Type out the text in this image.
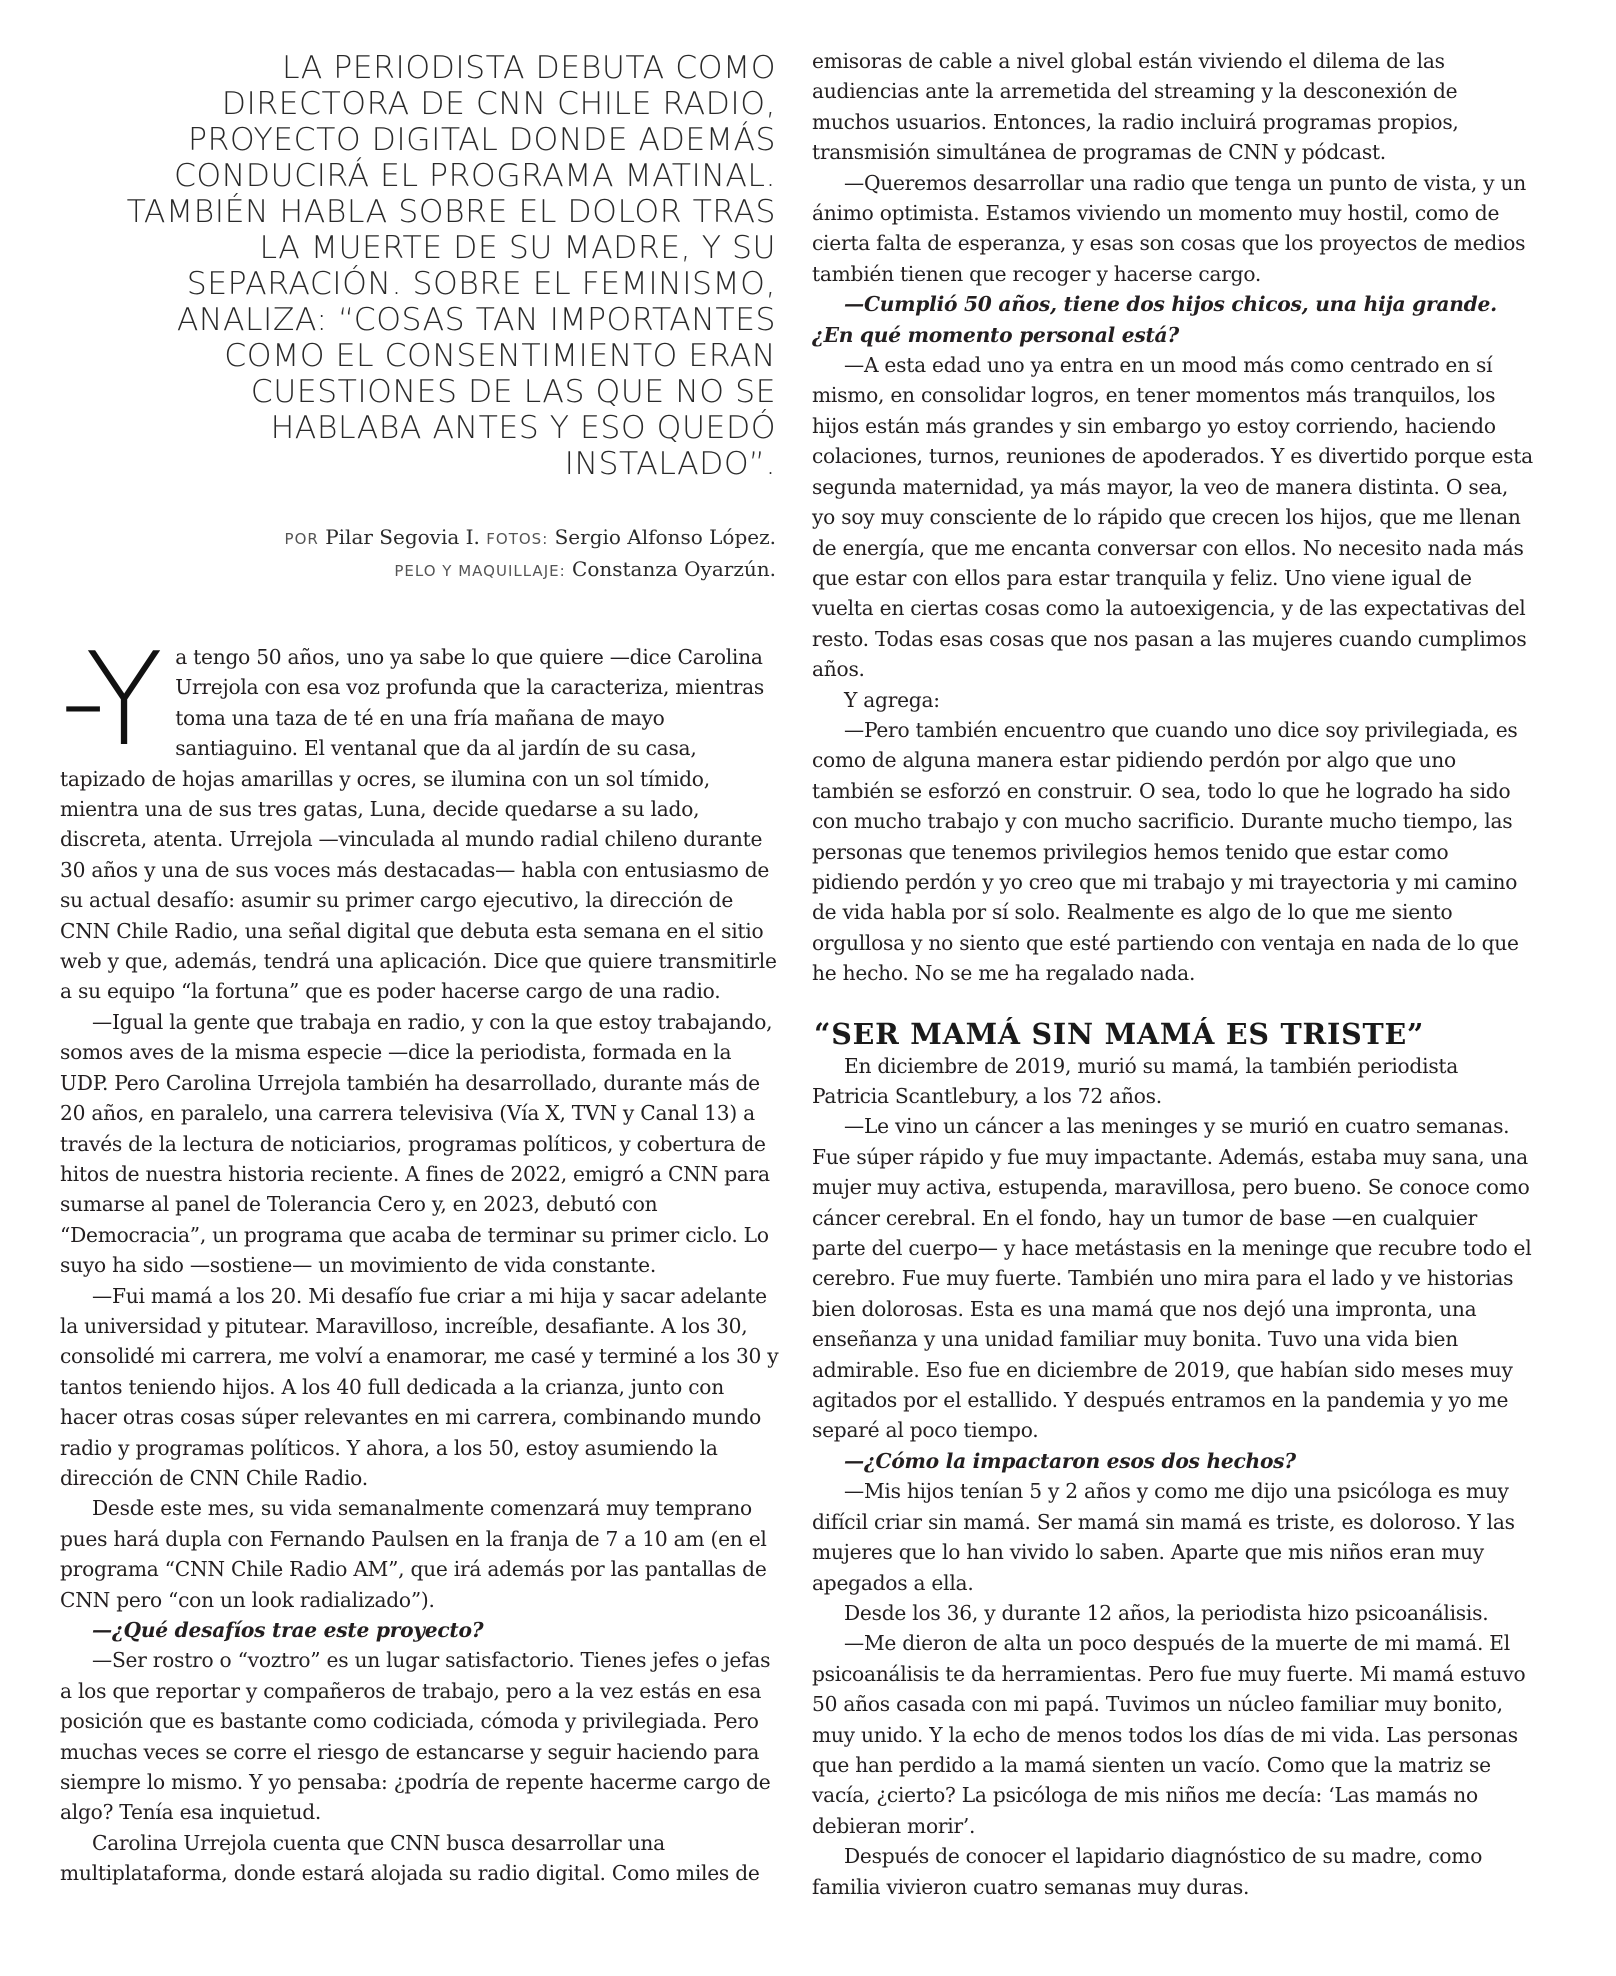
LA PERIODISTA DEBUTA COMO DIRECTORA DE CNN CHILE RADIO, PROYECTO DIGITAL DONDE ADEMÁS CONDUCIRÁ EL PROGRAMA MATINAL. TAMBIÉN HABLA SOBRE EL DOLOR TRAS LA MUERTE DE SU MADRE, Y SU SEPARACIÓN. SOBRE EL FEMINISMO, ANALIZA: “COSAS TAN IMPORTANTES COMO EL CONSENTIMIENTO ERAN CUESTIONES DE LAS QUE NO SE HABLABA ANTES Y ESO QUEDÓ INSTALADO”.
POR Pilar Segovia I. FOTOS: Sergio Alfonso López.
PELO Y MAQUILLAJE: Constanza Oyarzún.
-Y a tengo 50 años, uno ya sabe lo que quiere —dice Carolina Urrejola con esa voz profunda que la caracteriza, mientras toma una taza de té en una fría mañana de mayo santiaguino. El ventanal que da al jardín de su casa, tapizado de hojas amarillas y ocres, se ilumina con un sol tímido, mientra una de sus tres gatas, Luna, decide quedarse a su lado, discreta, atenta. Urrejola —vinculada al mundo radial chileno durante 30 años y una de sus voces más destacadas— habla con entusiasmo de su actual desafío: asumir su primer cargo ejecutivo, la dirección de CNN Chile Radio, una señal digital que debuta esta semana en el sitio web y que, además, tendrá una aplicación. Dice que quiere transmitirle a su equipo “la fortuna” que es poder hacerse cargo de una radio.

—Igual la gente que trabaja en radio, y con la que estoy trabajando, somos aves de la misma especie —dice la periodista, formada en la UDP. Pero Carolina Urrejola también ha desarrollado, durante más de 20 años, en paralelo, una carrera televisiva (Vía X, TVN y Canal 13) a través de la lectura de noticiarios, programas políticos, y cobertura de hitos de nuestra historia reciente. A fines de 2022, emigró a CNN para sumarse al panel de Tolerancia Cero y, en 2023, debutó con “Democracia”, un programa que acaba de terminar su primer ciclo. Lo suyo ha sido —sostiene— un movimiento de vida constante.

—Fui mamá a los 20. Mi desafío fue criar a mi hija y sacar adelante la universidad y pitutear. Maravilloso, increíble, desafiante. A los 30, consolidé mi carrera, me volví a enamorar, me casé y terminé a los 30 y tantos teniendo hijos. A los 40 full dedicada a la crianza, junto con hacer otras cosas súper relevantes en mi carrera, combinando mundo radio y programas políticos. Y ahora, a los 50, estoy asumiendo la dirección de CNN Chile Radio.

Desde este mes, su vida semanalmente comenzará muy temprano pues hará dupla con Fernando Paulsen en la franja de 7 a 10 am (en el programa “CNN Chile Radio AM”, que irá además por las pantallas de CNN pero “con un look radializado”).

—¿Qué desafíos trae este proyecto?

—Ser rostro o “voztro” es un lugar satisfactorio. Tienes jefes o jefas a los que reportar y compañeros de trabajo, pero a la vez estás en esa posición que es bastante como codiciada, cómoda y privilegiada. Pero muchas veces se corre el riesgo de estancarse y seguir haciendo para siempre lo mismo. Y yo pensaba: ¿podría de repente hacerme cargo de algo? Tenía esa inquietud.

Carolina Urrejola cuenta que CNN busca desarrollar una multiplataforma, donde estará alojada su radio digital. Como miles de

emisoras de cable a nivel global están viviendo el dilema de las audiencias ante la arremetida del streaming y la desconexión de muchos usuarios. Entonces, la radio incluirá programas propios, transmisión simultánea de programas de CNN y pódcast.

—Queremos desarrollar una radio que tenga un punto de vista, y un ánimo optimista. Estamos viviendo un momento muy hostil, como de cierta falta de esperanza, y esas son cosas que los proyectos de medios también tienen que recoger y hacerse cargo.

—Cumplió 50 años, tiene dos hijos chicos, una hija grande. ¿En qué momento personal está?

—A esta edad uno ya entra en un mood más como centrado en sí mismo, en consolidar logros, en tener momentos más tranquilos, los hijos están más grandes y sin embargo yo estoy corriendo, haciendo colaciones, turnos, reuniones de apoderados. Y es divertido porque esta segunda maternidad, ya más mayor, la veo de manera distinta. O sea, yo soy muy consciente de lo rápido que crecen los hijos, que me llenan de energía, que me encanta conversar con ellos. No necesito nada más que estar con ellos para estar tranquila y feliz. Uno viene igual de vuelta en ciertas cosas como la autoexigencia, y de las expectativas del resto. Todas esas cosas que nos pasan a las mujeres cuando cumplimos años.

Y agrega:

—Pero también encuentro que cuando uno dice soy privilegiada, es como de alguna manera estar pidiendo perdón por algo que uno también se esforzó en construir. O sea, todo lo que he logrado ha sido con mucho trabajo y con mucho sacrificio. Durante mucho tiempo, las personas que tenemos privilegios hemos tenido que estar como pidiendo perdón y yo creo que mi trabajo y mi trayectoria y mi camino de vida habla por sí solo. Realmente es algo de lo que me siento orgullosa y no siento que esté partiendo con ventaja en nada de lo que he hecho. No se me ha regalado nada.

“SER MAMÁ SIN MAMÁ ES TRISTE”

En diciembre de 2019, murió su mamá, la también periodista Patricia Scantlebury, a los 72 años.

—Le vino un cáncer a las meninges y se murió en cuatro semanas. Fue súper rápido y fue muy impactante. Además, estaba muy sana, una mujer muy activa, estupenda, maravillosa, pero bueno. Se conoce como cáncer cerebral. En el fondo, hay un tumor de base —en cualquier parte del cuerpo— y hace metástasis en la meninge que recubre todo el cerebro. Fue muy fuerte. También uno mira para el lado y ve historias bien dolorosas. Esta es una mamá que nos dejó una impronta, una enseñanza y una unidad familiar muy bonita. Tuvo una vida bien admirable. Eso fue en diciembre de 2019, que habían sido meses muy agitados por el estallido. Y después entramos en la pandemia y yo me separé al poco tiempo.

—¿Cómo la impactaron esos dos hechos?

—Mis hijos tenían 5 y 2 años y como me dijo una psicóloga es muy difícil criar sin mamá. Ser mamá sin mamá es triste, es doloroso. Y las mujeres que lo han vivido lo saben. Aparte que mis niños eran muy apegados a ella.

Desde los 36, y durante 12 años, la periodista hizo psicoanálisis.

—Me dieron de alta un poco después de la muerte de mi mamá. El psicoanálisis te da herramientas. Pero fue muy fuerte. Mi mamá estuvo 50 años casada con mi papá. Tuvimos un núcleo familiar muy bonito, muy unido. Y la echo de menos todos los días de mi vida. Las personas que han perdido a la mamá sienten un vacío. Como que la matriz se vacía, ¿cierto? La psicóloga de mis niños me decía: ‘Las mamás no debieran morir’.

Después de conocer el lapidario diagnóstico de su madre, como familia vivieron cuatro semanas muy duras.
